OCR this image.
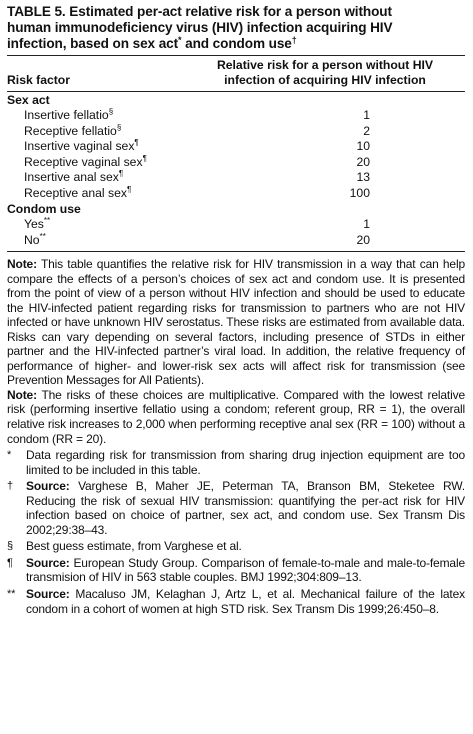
TABLE 5. Estimated per-act relative risk for a person without
human immunodeficiency virus (HIV) infection acquiring HIV
infection, based on sex act* and condom use†
Risk factor
Relative risk for a person without HIV
infection of acquiring HIV infection
Sex act
Insertive fellatio§	1
Receptive fellatio§	2
Insertive vaginal sex¶	10
Receptive vaginal sex¶	20
Insertive anal sex¶	13
Receptive anal sex¶	100
Condom use
Yes**	1
No**	20

Note: This table quantifies the relative risk for HIV transmission in a way that can help compare the effects of a person’s choices of sex act and condom use. It is presented from the point of view of a person without HIV infection and should be used to educate the HIV-infected patient regarding risks for transmission to partners who are not HIV infected or have unknown HIV serostatus. These risks are estimated from available data. Risks can vary depending on several factors, including presence of STDs in either partner and the HIV-infected partner’s viral load. In addition, the relative frequency of performance of higher- and lower-risk sex acts will affect risk for transmission (see Prevention Messages for All Patients).

Note: The risks of these choices are multiplicative. Compared with the lowest relative risk (performing insertive fellatio using a condom; referent group, RR = 1), the overall relative risk increases to 2,000 when performing receptive anal sex (RR = 100) without a condom (RR = 20).

*	Data regarding risk for transmission from sharing drug injection equipment are too limited to be included in this table.
†	Source: Varghese B, Maher JE, Peterman TA, Branson BM, Steketee RW. Reducing the risk of sexual HIV transmission: quantifying the per-act risk for HIV infection based on choice of partner, sex act, and condom use. Sex Transm Dis 2002;29:38–43.
§	Best guess estimate, from Varghese et al.
¶	Source: European Study Group. Comparison of female-to-male and male-to-female transmision of HIV in 563 stable couples. BMJ 1992;304:809–13.
** Source: Macaluso JM, Kelaghan J, Artz L, et al. Mechanical failure of the latex condom in a cohort of women at high STD risk. Sex Transm Dis 1999;26:450–8.
